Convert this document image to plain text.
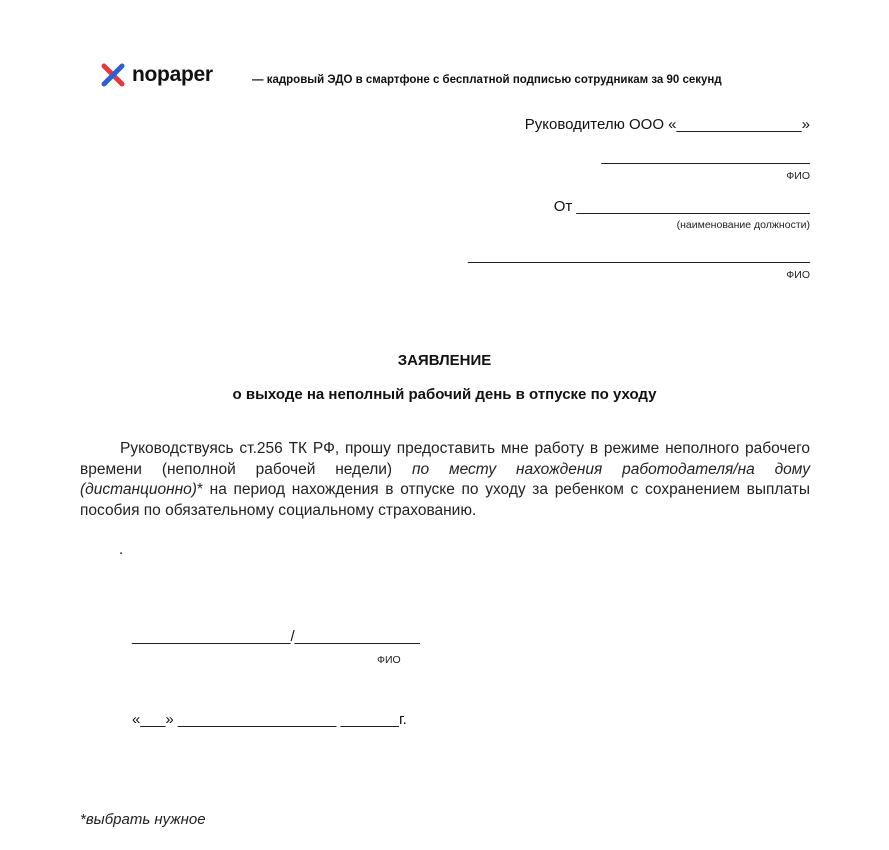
nopaper	— кадровый ЭДО в смартфоне с бесплатной подписью сотрудникам за 90 секунд
Руководителю ООО «_______________»
_________________________
ФИО
От ____________________________
(наименование должности)
_________________________________________
ФИО
ЗАЯВЛЕНИЕ
о выходе на неполный рабочий день в отпуске по уходу
Руководствуясь ст.256 ТК РФ, прошу предоставить мне работу в режиме неполного рабочего времени (неполной рабочей недели) по месту нахождения работодателя/на дому (дистанционно)* на период нахождения в отпуске по уходу за ребенком с сохранением выплаты пособия по обязательному социальному страхованию.
.
___________________/_______________
ФИО
«___» ___________________ _______г.
*выбрать нужное
